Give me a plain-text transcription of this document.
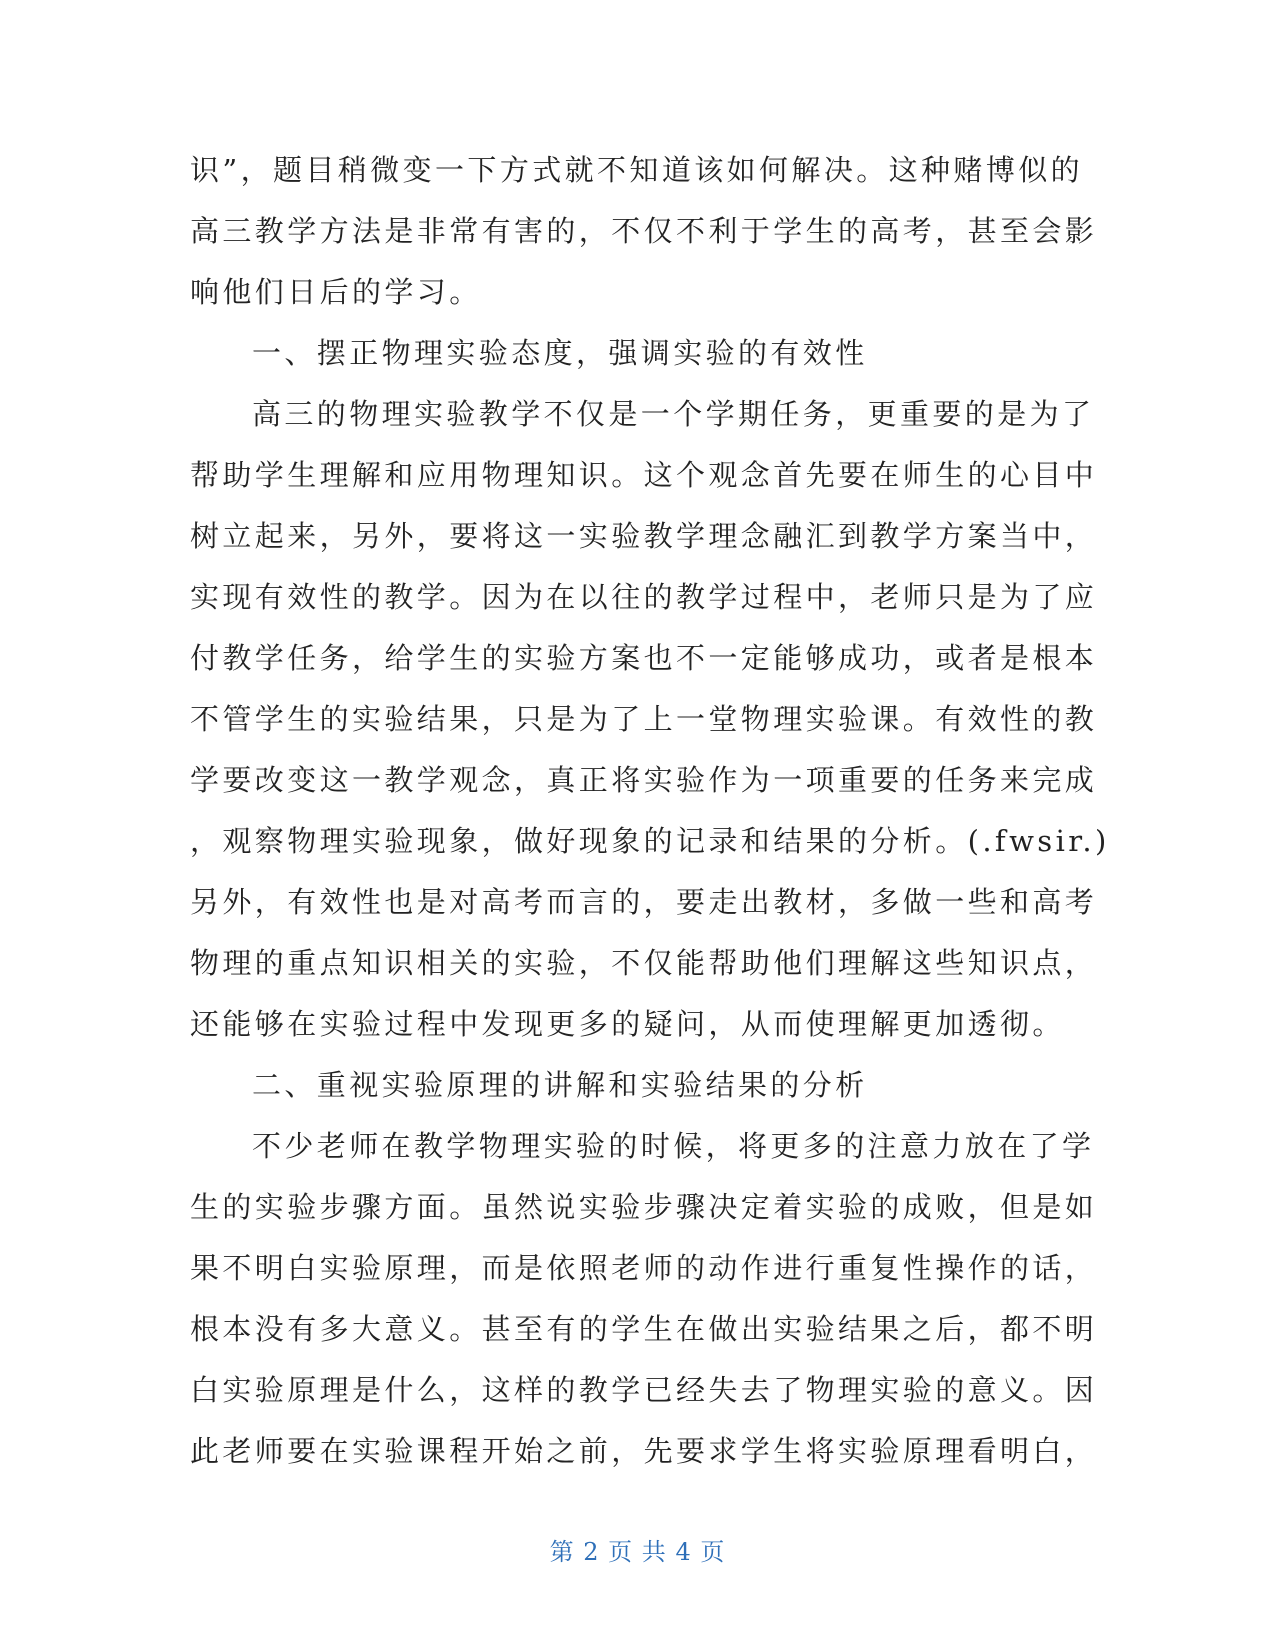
识”，题目稍微变一下方式就不知道该如何解决。这种赌博似的
高三教学方法是非常有害的，不仅不利于学生的高考，甚至会影
响他们日后的学习。
一、摆正物理实验态度，强调实验的有效性
高三的物理实验教学不仅是一个学期任务，更重要的是为了
帮助学生理解和应用物理知识。这个观念首先要在师生的心目中
树立起来，另外，要将这一实验教学理念融汇到教学方案当中，
实现有效性的教学。因为在以往的教学过程中，老师只是为了应
付教学任务，给学生的实验方案也不一定能够成功，或者是根本
不管学生的实验结果，只是为了上一堂物理实验课。有效性的教
学要改变这一教学观念，真正将实验作为一项重要的任务来完成
，观察物理实验现象，做好现象的记录和结果的分析。(.fwsir.)
另外，有效性也是对高考而言的，要走出教材，多做一些和高考
物理的重点知识相关的实验，不仅能帮助他们理解这些知识点，
还能够在实验过程中发现更多的疑问，从而使理解更加透彻。
二、重视实验原理的讲解和实验结果的分析
不少老师在教学物理实验的时候，将更多的注意力放在了学
生的实验步骤方面。虽然说实验步骤决定着实验的成败，但是如
果不明白实验原理，而是依照老师的动作进行重复性操作的话，
根本没有多大意义。甚至有的学生在做出实验结果之后，都不明
白实验原理是什么，这样的教学已经失去了物理实验的意义。因
此老师要在实验课程开始之前，先要求学生将实验原理看明白，
第 2 页 共 4 页
